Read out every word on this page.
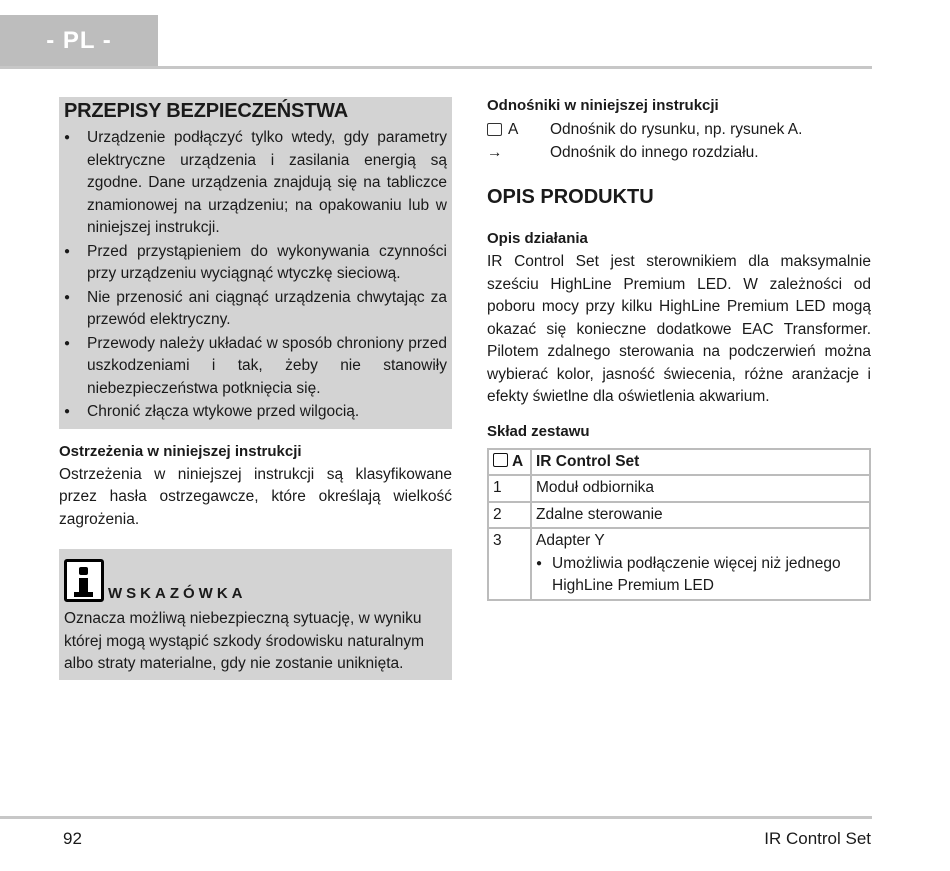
- PL -
PRZEPISY BEZPIECZEŃSTWA
● Urządzenie podłączyć tylko wtedy, gdy parametry elektryczne urządzenia i zasilania energią są zgodne. Dane urządzenia znajdują się na tabliczce znamionowej na urządzeniu; na opakowaniu lub w niniejszej instrukcji.
● Przed przystąpieniem do wykonywania czynności przy urządzeniu wyciągnąć wtyczkę sieciową.
● Nie przenosić ani ciągnąć urządzenia chwytając za przewód elektryczny.
● Przewody należy układać w sposób chroniony przed uszkodzeniami i tak, żeby nie stanowiły niebezpieczeństwa potknięcia się.
● Chronić złącza wtykowe przed wilgocią.
Ostrzeżenia w niniejszej instrukcji

Ostrzeżenia w niniejszej instrukcji są klasyfikowane przez hasła ostrzegawcze, które określają wielkość zagrożenia.

WSKAZÓWKA

Oznacza możliwą niebezpieczną sytuację, w wyniku której mogą wystąpić szkody środowisku naturalnym albo straty materialne, gdy nie zostanie uniknięta.

Odnośniki w niniejszej instrukcji
A Odnośnik do rysunku, np. rysunek A.
→	Odnośnik do innego rozdziału.
OPIS PRODUKTU
Opis działania

IR Control Set jest sterownikiem dla maksymalnie sześciu HighLine Premium LED. W zależności od poboru mocy przy kilku HighLine Premium LED mogą okazać się konieczne dodatkowe EAC Transformer. Pilotem zdalnego sterowania na podczerwień można wybierać kolor, jasność świecenia, różne aranżacje i efekty świetlne dla oświetlenia akwarium.

Skład zestawu
A	IR Control Set
1	Moduł odbiornika
2	Zdalne sterowanie
3	Adapter Y
● Umożliwia podłączenie więcej niż jednego HighLine Premium LED
92	IR Control Set
